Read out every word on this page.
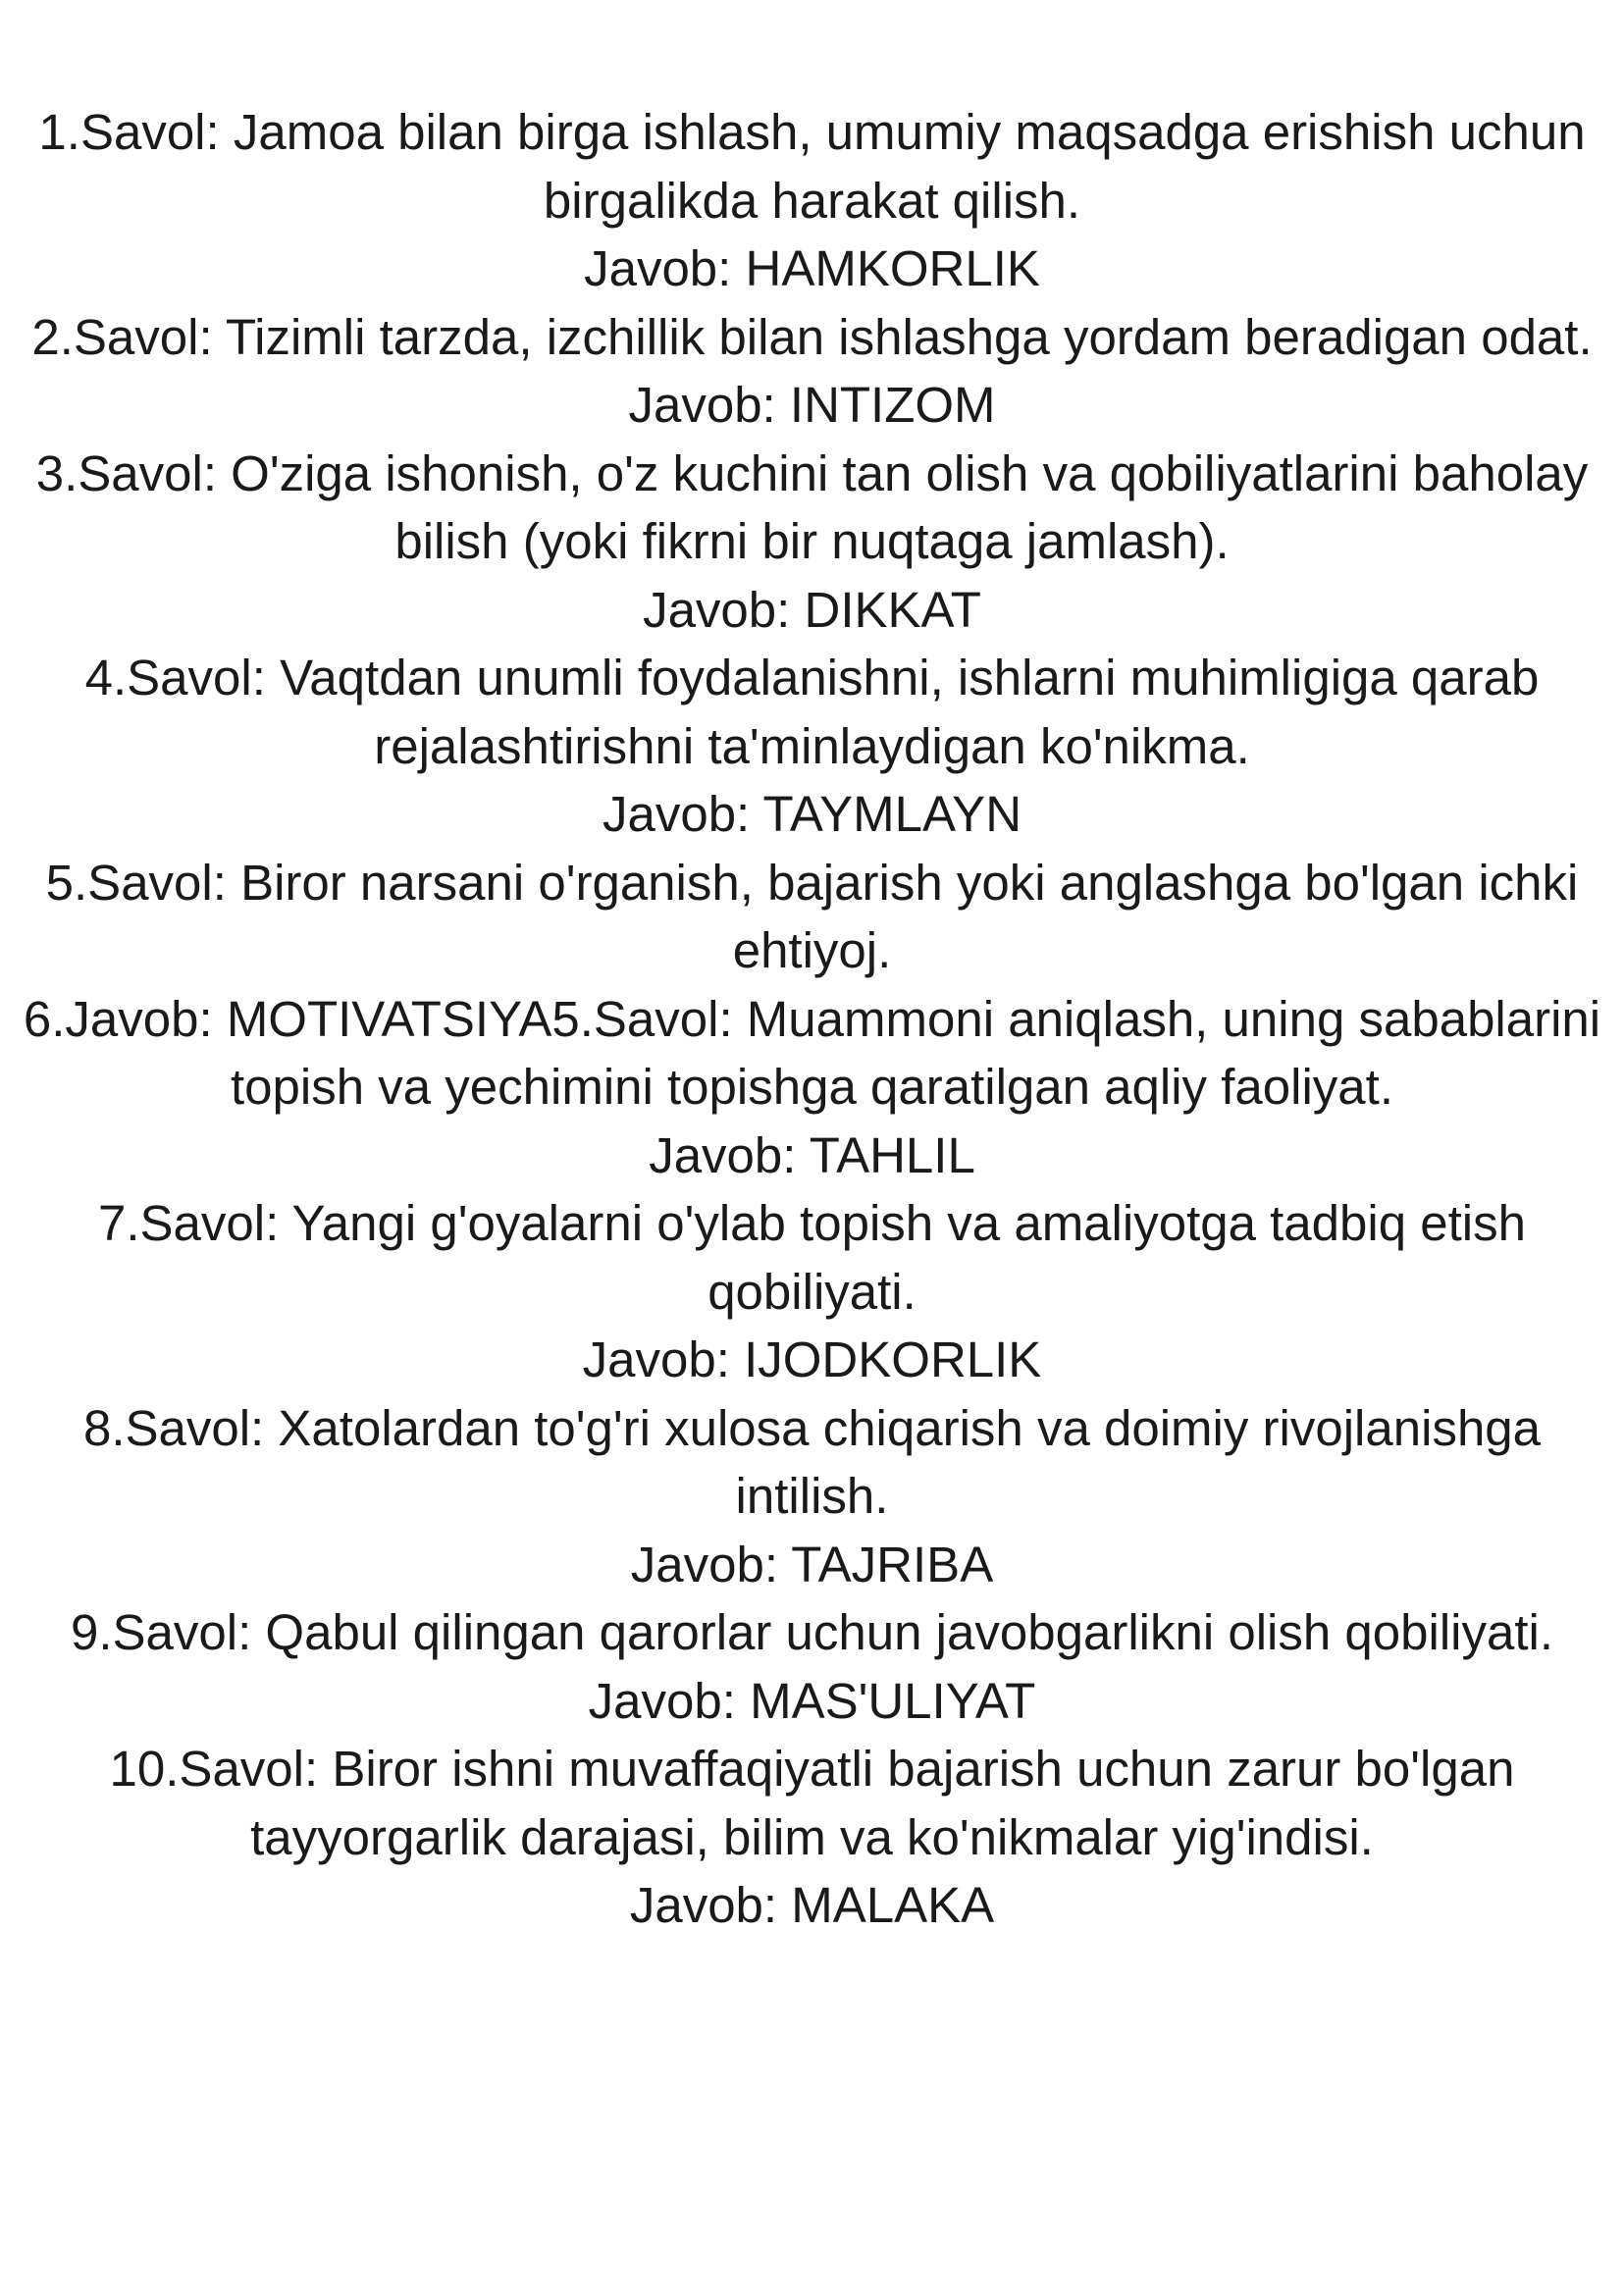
1.Savol: Jamoa bilan birga ishlash, umumiy maqsadga erishish uchun
birgalikda harakat qilish.
Javob: HAMKORLIK
2.Savol: Tizimli tarzda, izchillik bilan ishlashga yordam beradigan odat.
Javob: INTIZOM
3.Savol: O'ziga ishonish, o'z kuchini tan olish va qobiliyatlarini baholay
bilish (yoki fikrni bir nuqtaga jamlash).
Javob: DIKKAT
4.Savol: Vaqtdan unumli foydalanishni, ishlarni muhimligiga qarab
rejalashtirishni ta'minlaydigan ko'nikma.
Javob: TAYMLAYN
5.Savol: Biror narsani o'rganish, bajarish yoki anglashga bo'lgan ichki
ehtiyoj.
6.Javob: MOTIVATSIYA5.Savol: Muammoni aniqlash, uning sabablarini
topish va yechimini topishga qaratilgan aqliy faoliyat.
Javob: TAHLIL
7.Savol: Yangi g'oyalarni o'ylab topish va amaliyotga tadbiq etish
qobiliyati.
Javob: IJODKORLIK
8.Savol: Xatolardan to'g'ri xulosa chiqarish va doimiy rivojlanishga
intilish.
Javob: TAJRIBA
9.Savol: Qabul qilingan qarorlar uchun javobgarlikni olish qobiliyati.
Javob: MAS'ULIYAT
10.Savol: Biror ishni muvaffaqiyatli bajarish uchun zarur bo'lgan
tayyorgarlik darajasi, bilim va ko'nikmalar yig'indisi.
Javob: MALAKA
